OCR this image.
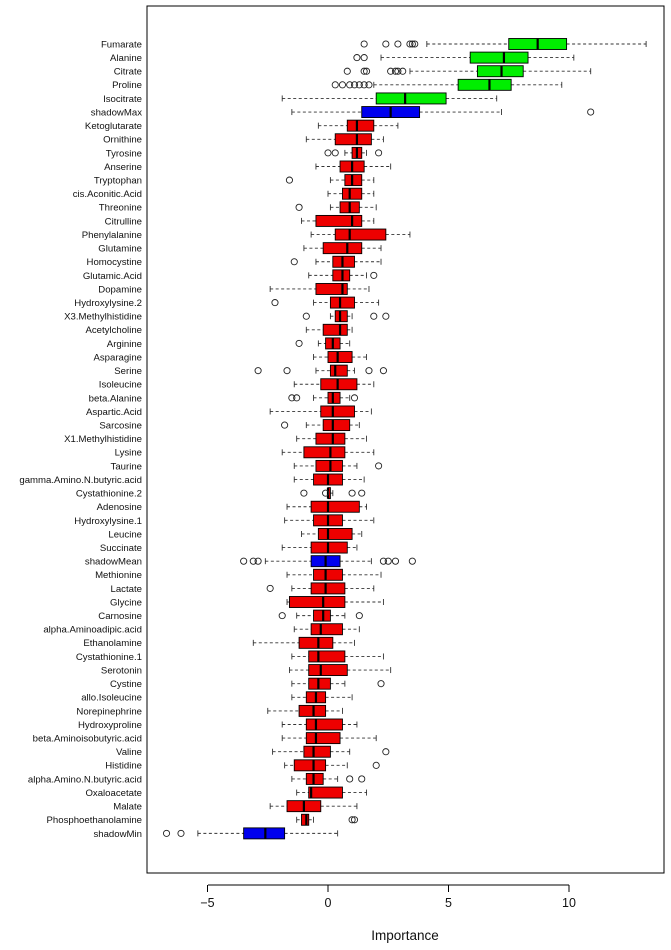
Fumarate
Alanine
Citrate
Proline
Isocitrate
shadowMax
Ketoglutarate
Ornithine
Tyrosine
Anserine
Tryptophan
cis.Aconitic.Acid
Threonine
Citrulline
Phenylalanine
Glutamine
Homocystine
Glutamic.Acid
Dopamine
Hydroxylysine.2
X3.Methylhistidine
Acetylcholine
Arginine
Asparagine
Serine
Isoleucine
beta.Alanine
Aspartic.Acid
Sarcosine
X1.Methylhistidine
Lysine
Taurine
gamma.Amino.N.butyric.acid
Cystathionine.2
Adenosine
Hydroxylysine.1
Leucine
Succinate
shadowMean
Methionine
Lactate
Glycine
Carnosine
alpha.Aminoadipic.acid
Ethanolamine
Cystathionine.1
Serotonin
Cystine
allo.Isoleucine
Norepinephrine
Hydroxyproline
beta.Aminoisobutyric.acid
Valine
Histidine
alpha.Amino.N.butyric.acid
Oxaloacetate
Malate
Phosphoethanolamine
shadowMin
−5	0	5	10
Importance
